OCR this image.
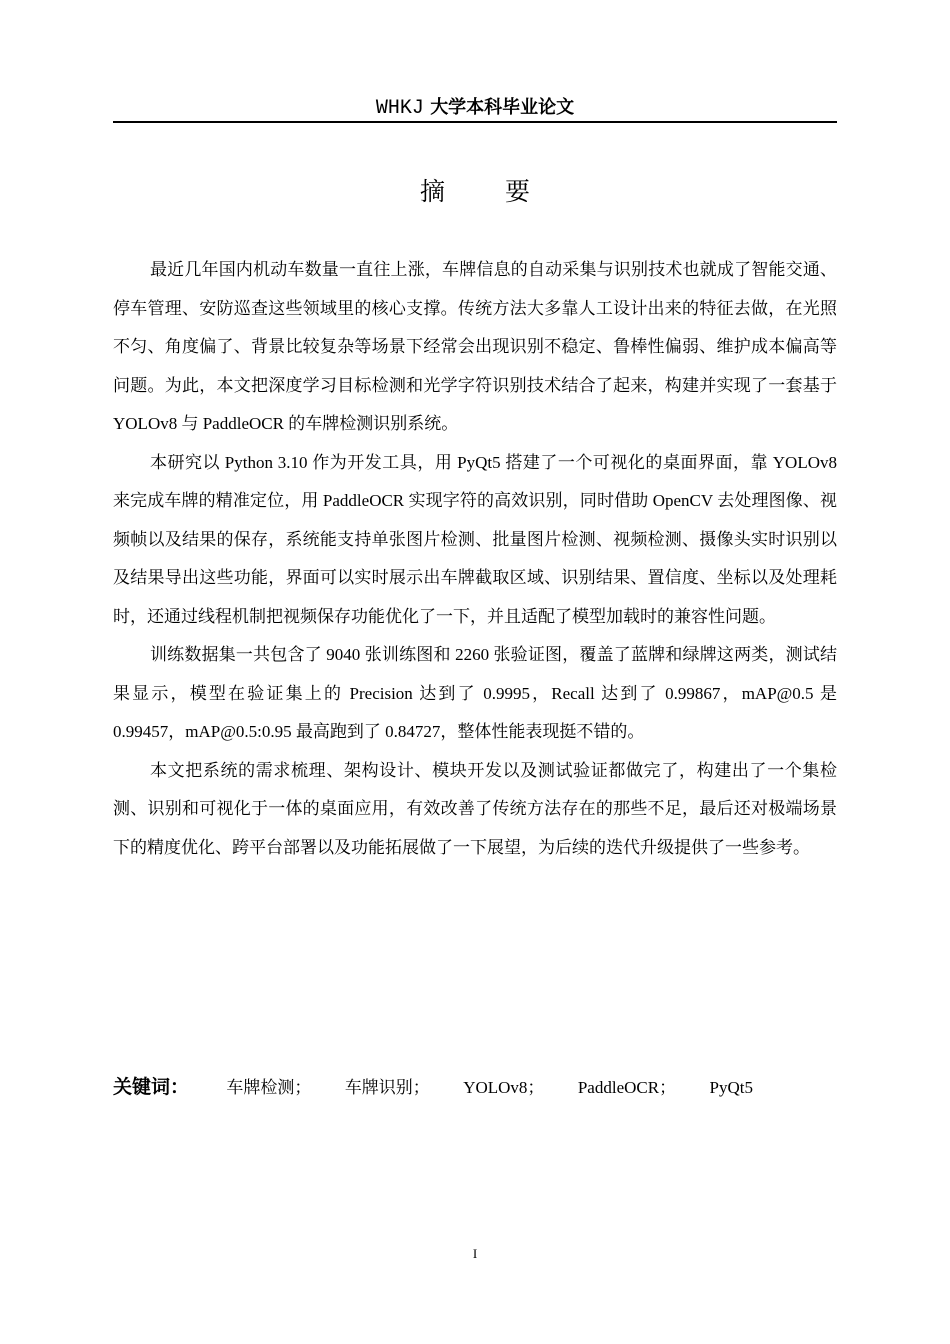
WHKJ 大学本科毕业论文
摘 要

最近几年国内机动车数量一直往上涨，车牌信息的自动采集与识别技术也就成了智能交通、停车管理、安防巡查这些领域里的核心支撑。传统方法大多靠人工设计出来的特征去做，在光照不匀、角度偏了、背景比较复杂等场景下经常会出现识别不稳定、鲁棒性偏弱、维护成本偏高等问题。为此，本文把深度学习目标检测和光学字符识别技术结合了起来，构建并实现了一套基于 YOLOv8 与 PaddleOCR 的车牌检测识别系统。

本研究以 Python 3.10 作为开发工具，用 PyQt5 搭建了一个可视化的桌面界面，靠 YOLOv8 来完成车牌的精准定位，用 PaddleOCR 实现字符的高效识别，同时借助 OpenCV 去处理图像、视频帧以及结果的保存，系统能支持单张图片检测、批量图片检测、视频检测、摄像头实时识别以及结果导出这些功能，界面可以实时展示出车牌截取区域、识别结果、置信度、坐标以及处理耗时，还通过线程机制把视频保存功能优化了一下，并且适配了模型加载时的兼容性问题。

训练数据集一共包含了 9040 张训练图和 2260 张验证图，覆盖了蓝牌和绿牌这两类，测试结果显示，模型在验证集上的 Precision 达到了 0.9995，Recall 达到了 0.99867，mAP@0.5 是 0.99457，mAP@0.5:0.95 最高跑到了 0.84727，整体性能表现挺不错的。

本文把系统的需求梳理、架构设计、模块开发以及测试验证都做完了，构建出了一个集检测、识别和可视化于一体的桌面应用，有效改善了传统方法存在的那些不足，最后还对极端场景下的精度优化、跨平台部署以及功能拓展做了一下展望，为后续的迭代升级提供了一些参考。

关键词： 车牌检测； 车牌识别； YOLOv8； PaddleOCR； PyQt5
I
